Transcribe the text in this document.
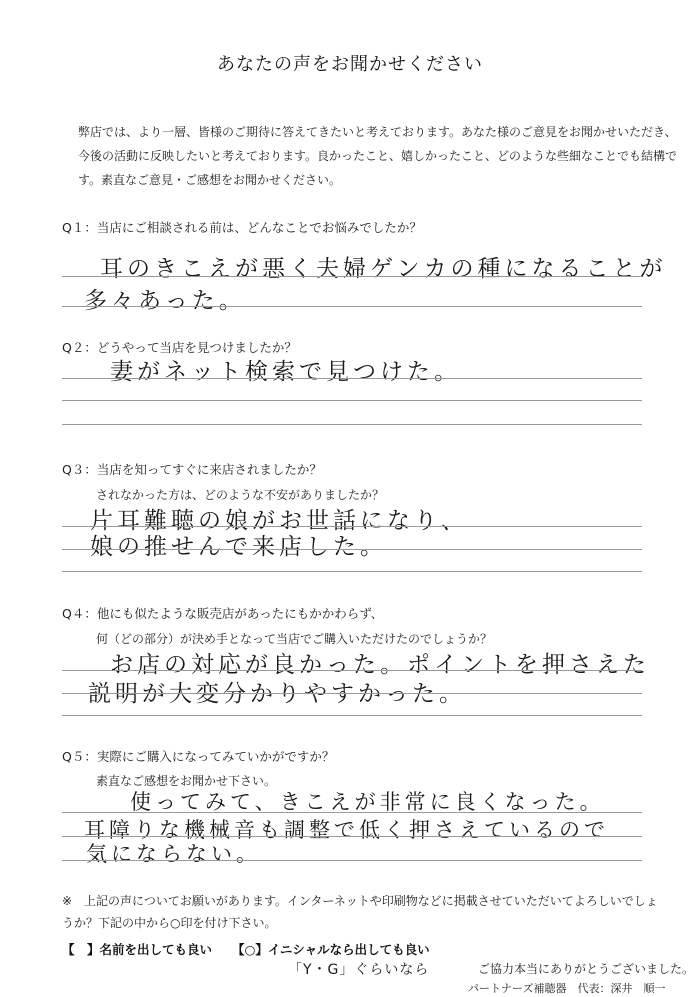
あなたの声をお聞かせください
弊店では、より一層、皆様のご期待に答えてきたいと考えております。あなた様のご意見をお聞かせいただき、今後の活動に反映したいと考えております。良かったこと、嬉しかったこと、どのような些細なことでも結構です。素直なご意見・ご感想をお聞かせください。
Q１：当店にご相談される前は、どんなことでお悩みでしたか？
耳のきこえが悪く夫婦ゲンカの種になることが
多々あった。
Q２：どうやって当店を見つけましたか？
妻がネット検索で見つけた。
Q３：当店を知ってすぐに来店されましたか？
されなかった方は、どのような不安がありましたか？
片耳難聴の娘がお世話になり、
娘の推せんで来店した。
Q４：他にも似たような販売店があったにもかかわらず、
何（どの部分）が決め手となって当店でご購入いただけたのでしょうか？
お店の対応が良かった。ポイントを押さえた
説明が大変分かりやすかった。
Q５：実際にご購入になってみていかがですか？
素直なご感想をお聞かせ下さい。
使ってみて、きこえが非常に良くなった。
耳障りな機械音も調整で低く押さえているので
気にならない。
※　上記の声についてお願いがあります。インターネットや印刷物などに掲載させていただいてよろしいでしょうか？下記の中から○印を付け下さい。
【　】名前を出しても良い 【○】イニシャルなら出しても良い
「Y・G」ぐらいなら	ご協力本当にありがとうございました。
パートナーズ補聴器　代表：深井　順一
